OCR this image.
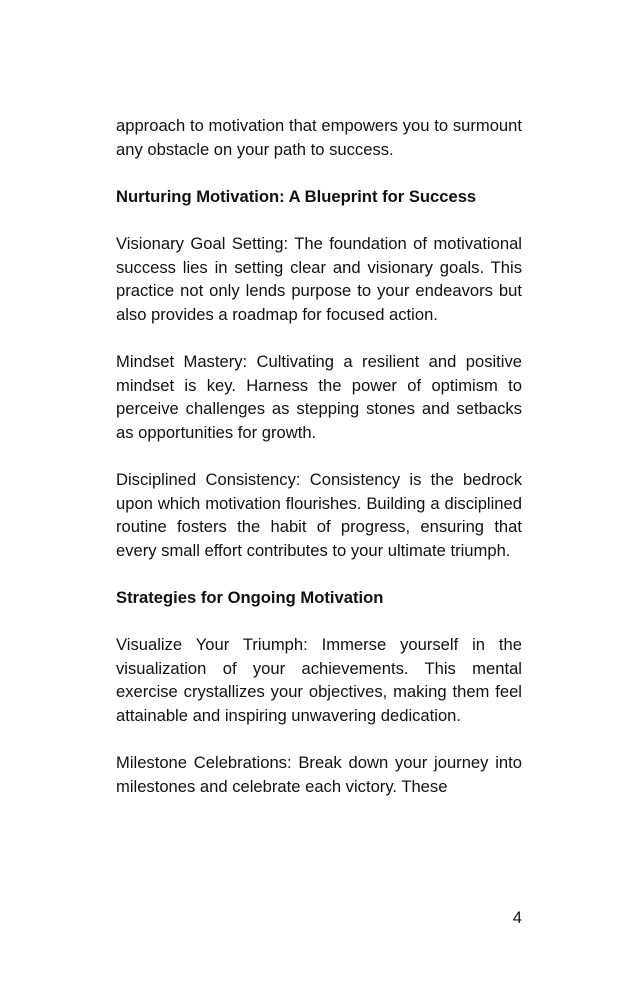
approach to motivation that empowers you to surmount any obstacle on your path to success.

Nurturing Motivation: A Blueprint for Success

Visionary Goal Setting: The foundation of motivational success lies in setting clear and visionary goals. This practice not only lends purpose to your endeavors but also provides a roadmap for focused action.

Mindset Mastery: Cultivating a resilient and positive mindset is key. Harness the power of optimism to perceive challenges as stepping stones and setbacks as opportunities for growth.

Disciplined Consistency: Consistency is the bedrock upon which motivation flourishes. Building a disciplined routine fosters the habit of progress, ensuring that every small effort contributes to your ultimate triumph.

Strategies for Ongoing Motivation

Visualize Your Triumph: Immerse yourself in the visualization of your achievements. This mental exercise crystallizes your objectives, making them feel attainable and inspiring unwavering dedication.

Milestone Celebrations: Break down your journey into milestones and celebrate each victory. These

4
